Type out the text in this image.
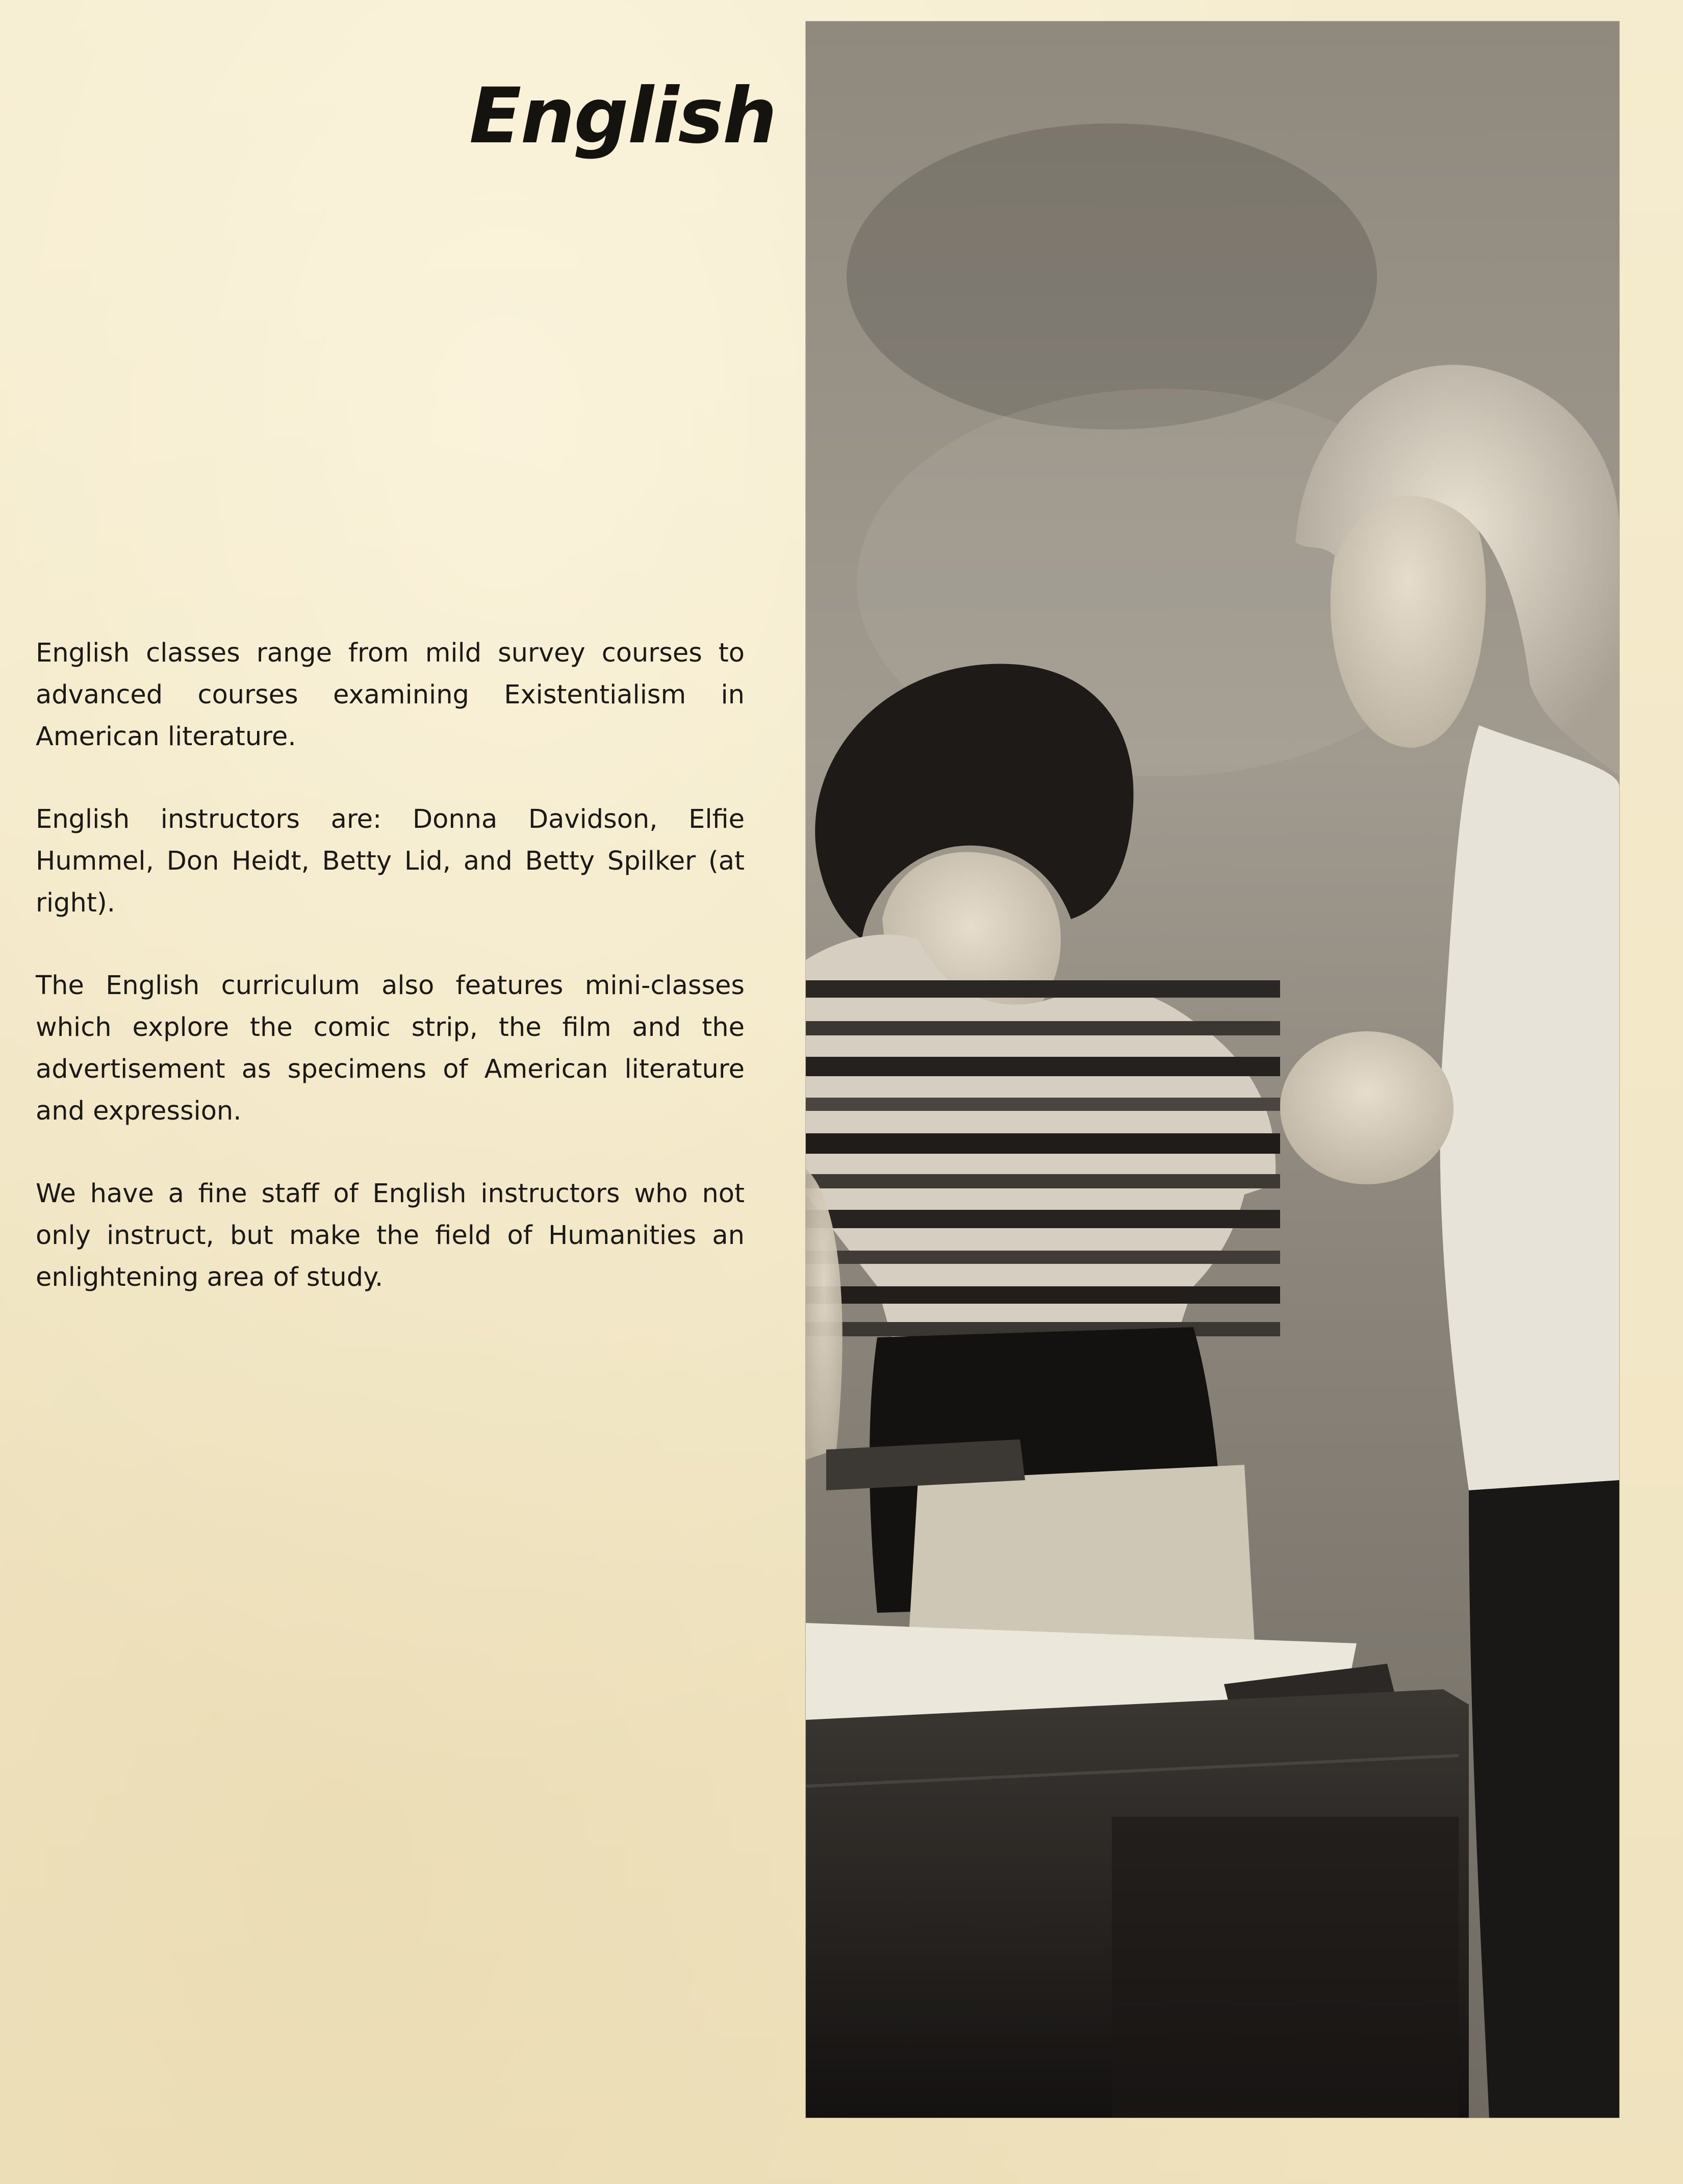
English

English classes range from mild survey courses to advanced courses examining Existentialism in American literature.

English instructors are: Donna Davidson, Elfie Hummel, Don Heidt, Betty Lid, and Betty Spilker (at right).

The English curriculum also features mini-classes which explore the comic strip, the film and the advertisement as specimens of American literature and expression.

We have a fine staff of English instructors who not only instruct, but make the field of Humanities an enlightening area of study.
